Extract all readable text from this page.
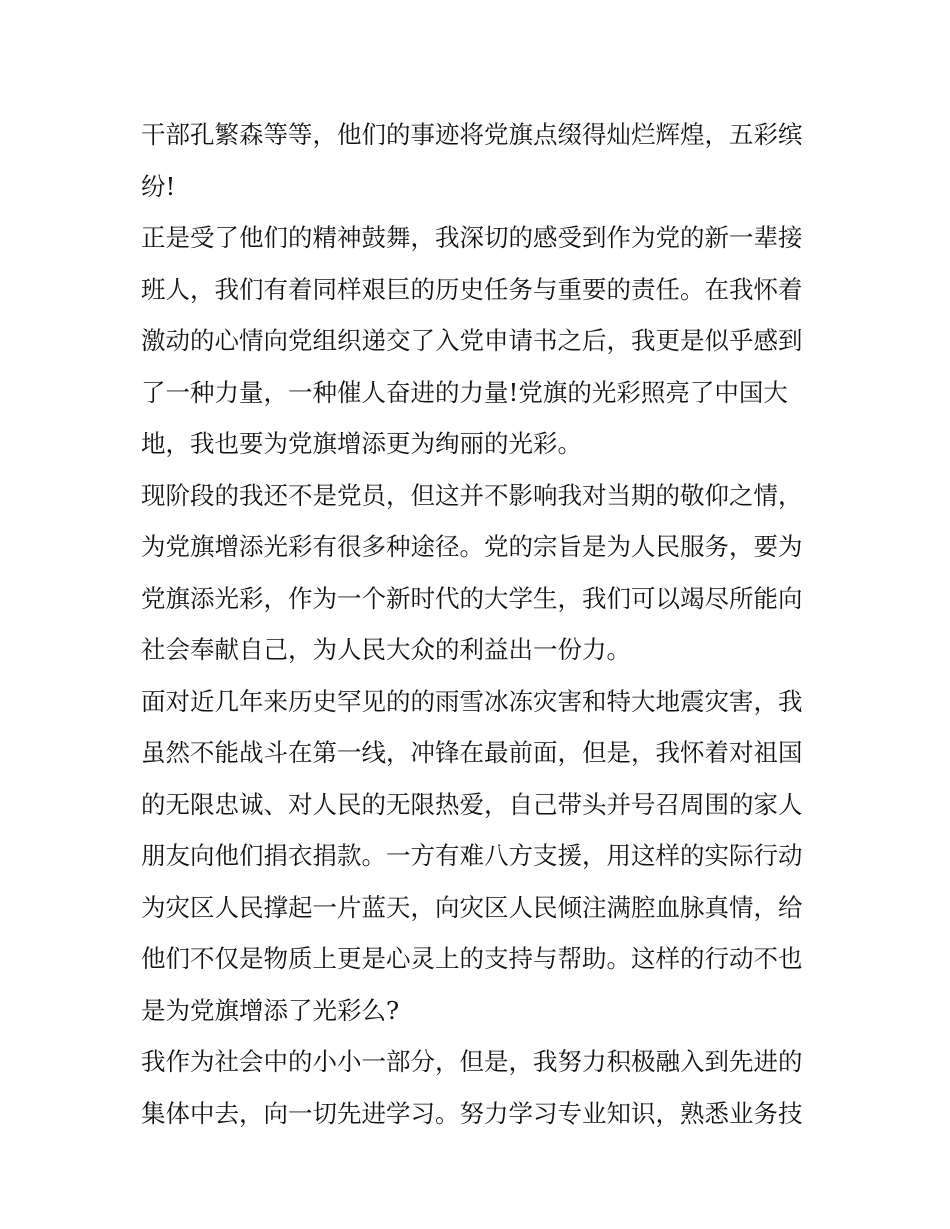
干部孔繁森等等，他们的事迹将党旗点缀得灿烂辉煌，五彩缤
纷!
正是受了他们的精神鼓舞，我深切的感受到作为党的新一辈接
班人，我们有着同样艰巨的历史任务与重要的责任。在我怀着
激动的心情向党组织递交了入党申请书之后，我更是似乎感到
了一种力量，一种催人奋进的力量!党旗的光彩照亮了中国大
地，我也要为党旗增添更为绚丽的光彩。
现阶段的我还不是党员，但这并不影响我对当期的敬仰之情，
为党旗增添光彩有很多种途径。党的宗旨是为人民服务，要为
党旗添光彩，作为一个新时代的大学生，我们可以竭尽所能向
社会奉献自己，为人民大众的利益出一份力。
面对近几年来历史罕见的的雨雪冰冻灾害和特大地震灾害，我
虽然不能战斗在第一线，冲锋在最前面，但是，我怀着对祖国
的无限忠诚、对人民的无限热爱，自己带头并号召周围的家人
朋友向他们捐衣捐款。一方有难八方支援，用这样的实际行动
为灾区人民撑起一片蓝天，向灾区人民倾注满腔血脉真情，给
他们不仅是物质上更是心灵上的支持与帮助。这样的行动不也
是为党旗增添了光彩么?
我作为社会中的小小一部分，但是，我努力积极融入到先进的
集体中去，向一切先进学习。努力学习专业知识，熟悉业务技
